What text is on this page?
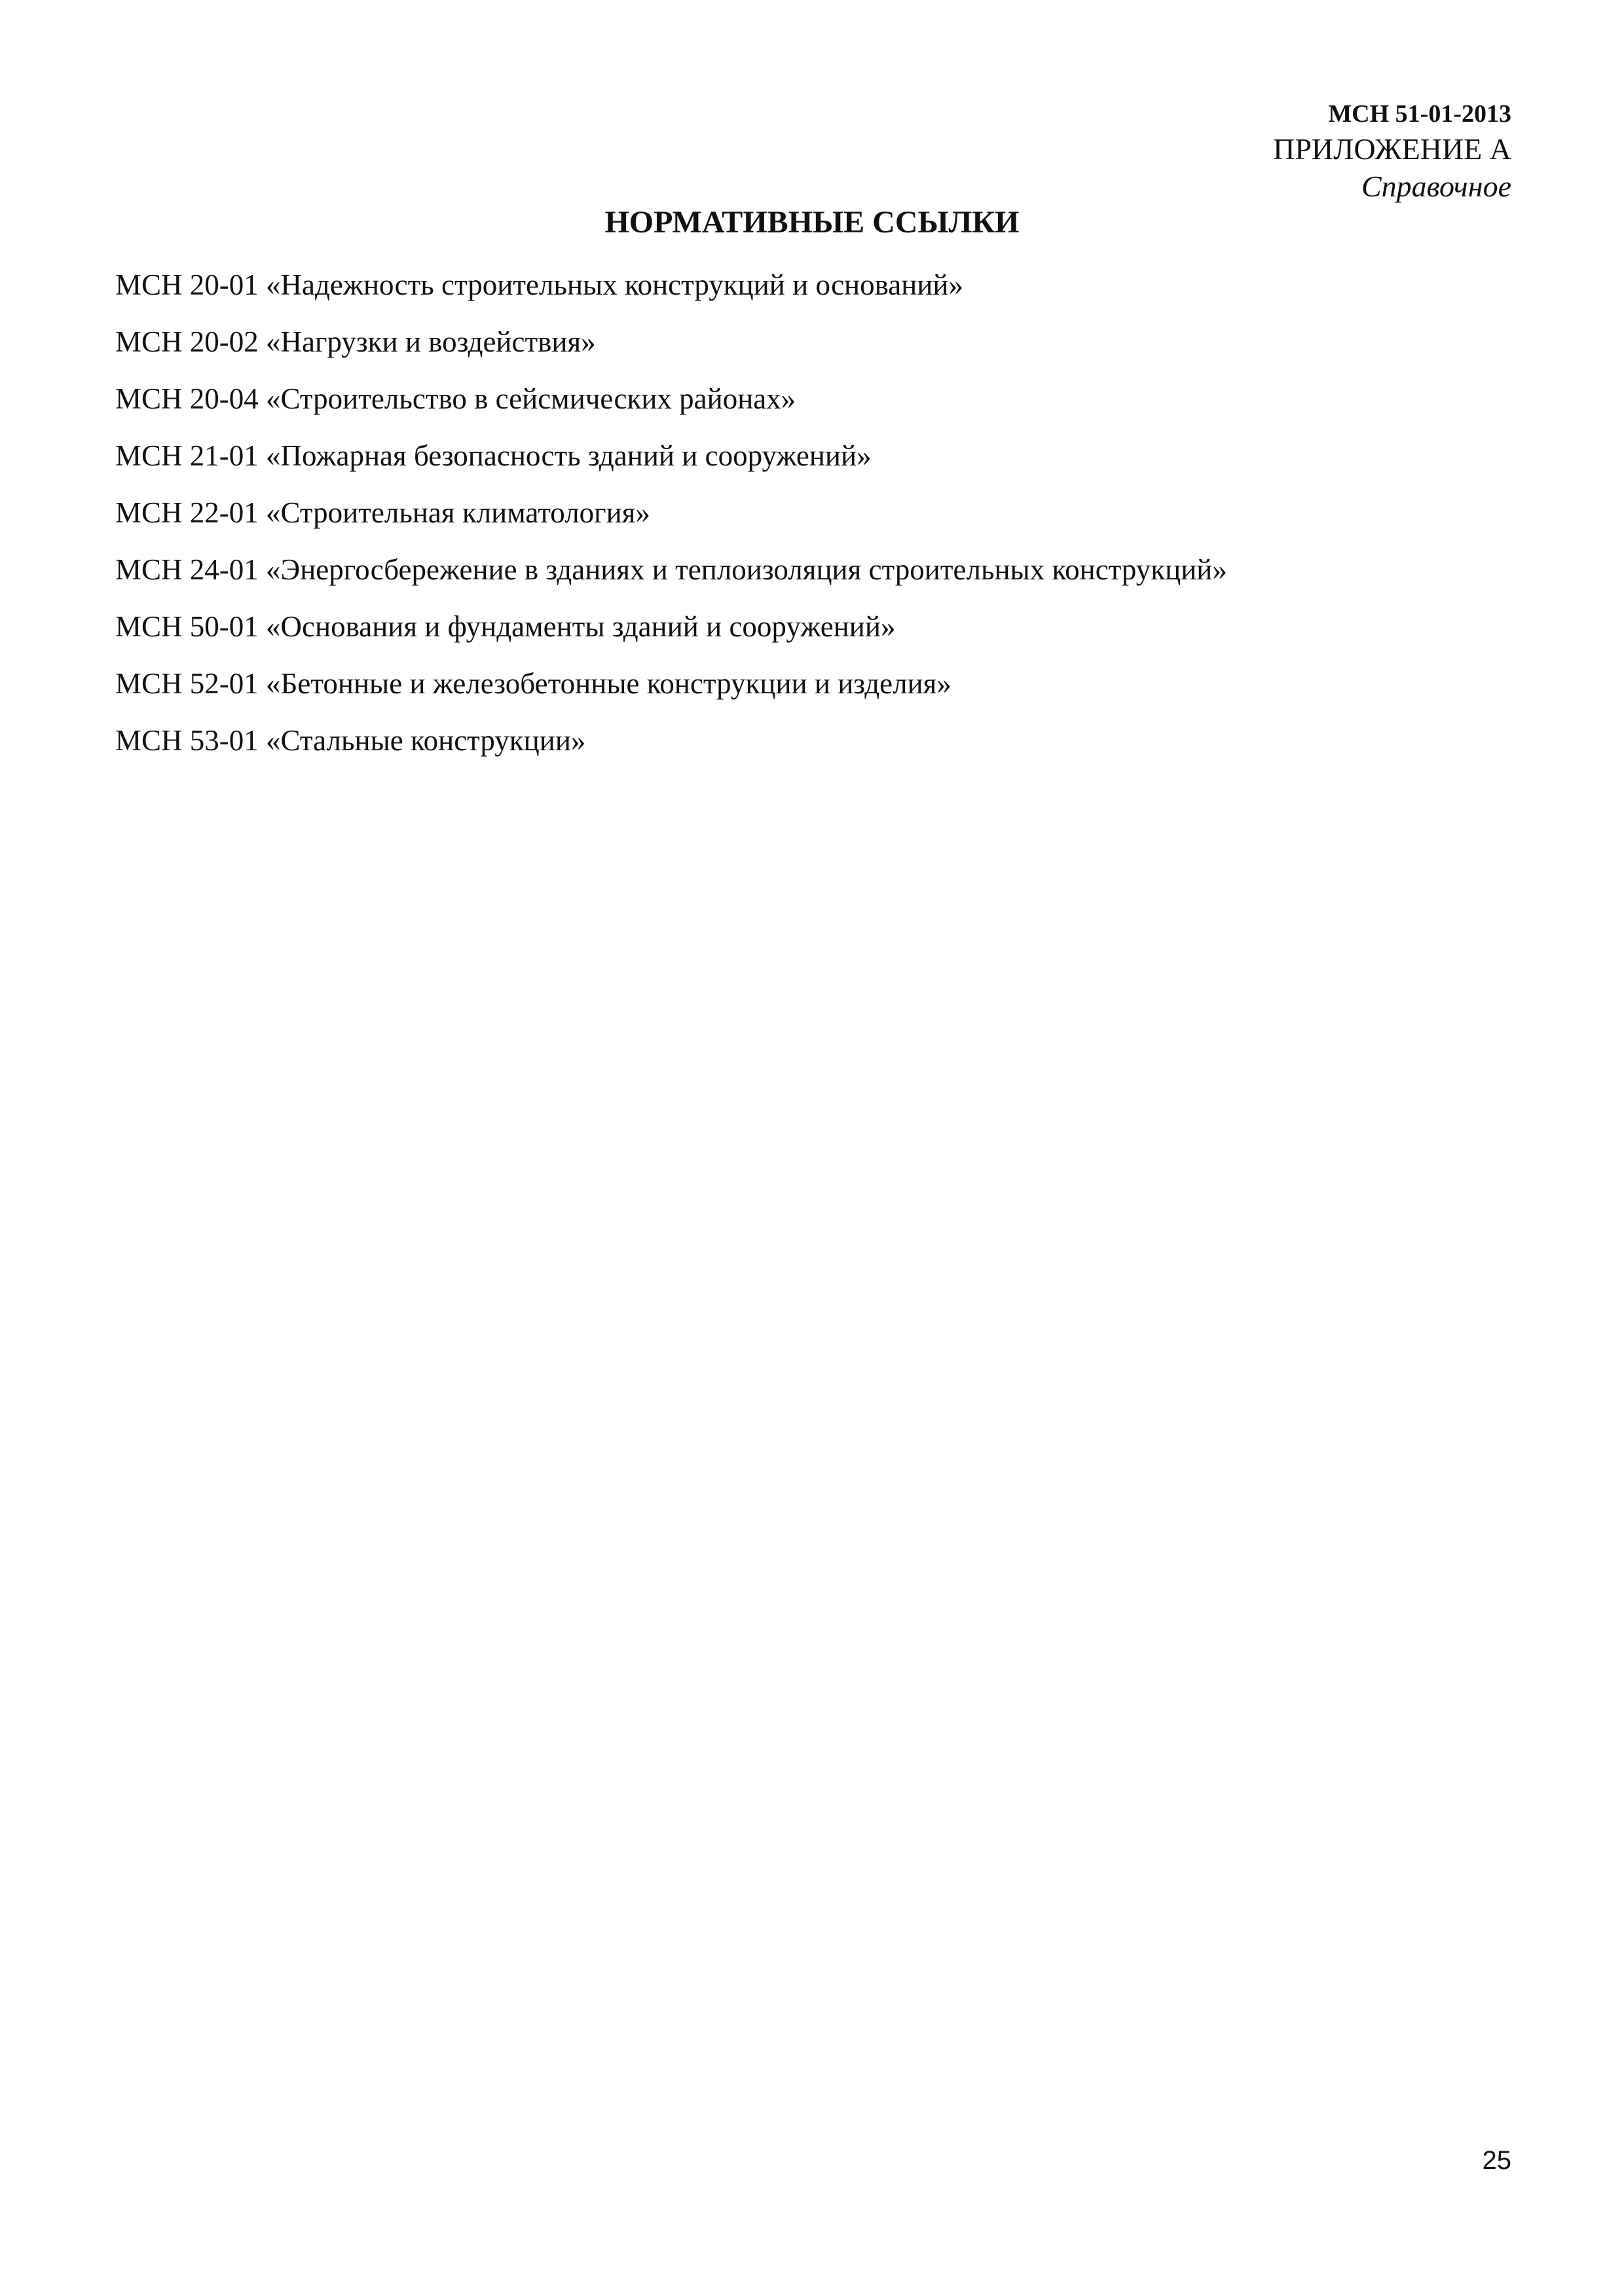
МСН 51-01-2013
ПРИЛОЖЕНИЕ А
Справочное
НОРМАТИВНЫЕ ССЫЛКИ
МСН 20-01 «Надежность строительных конструкций и оснований»
МСН 20-02 «Нагрузки и воздействия»
МСН 20-04 «Строительство в сейсмических районах»
МСН 21-01 «Пожарная безопасность зданий и сооружений»
МСН 22-01 «Строительная климатология»
МСН 24-01 «Энергосбережение в зданиях и теплоизоляция строительных конструкций»
МСН 50-01 «Основания и фундаменты зданий и сооружений»
МСН 52-01 «Бетонные и железобетонные конструкции и изделия»
МСН 53-01 «Стальные конструкции»
25
